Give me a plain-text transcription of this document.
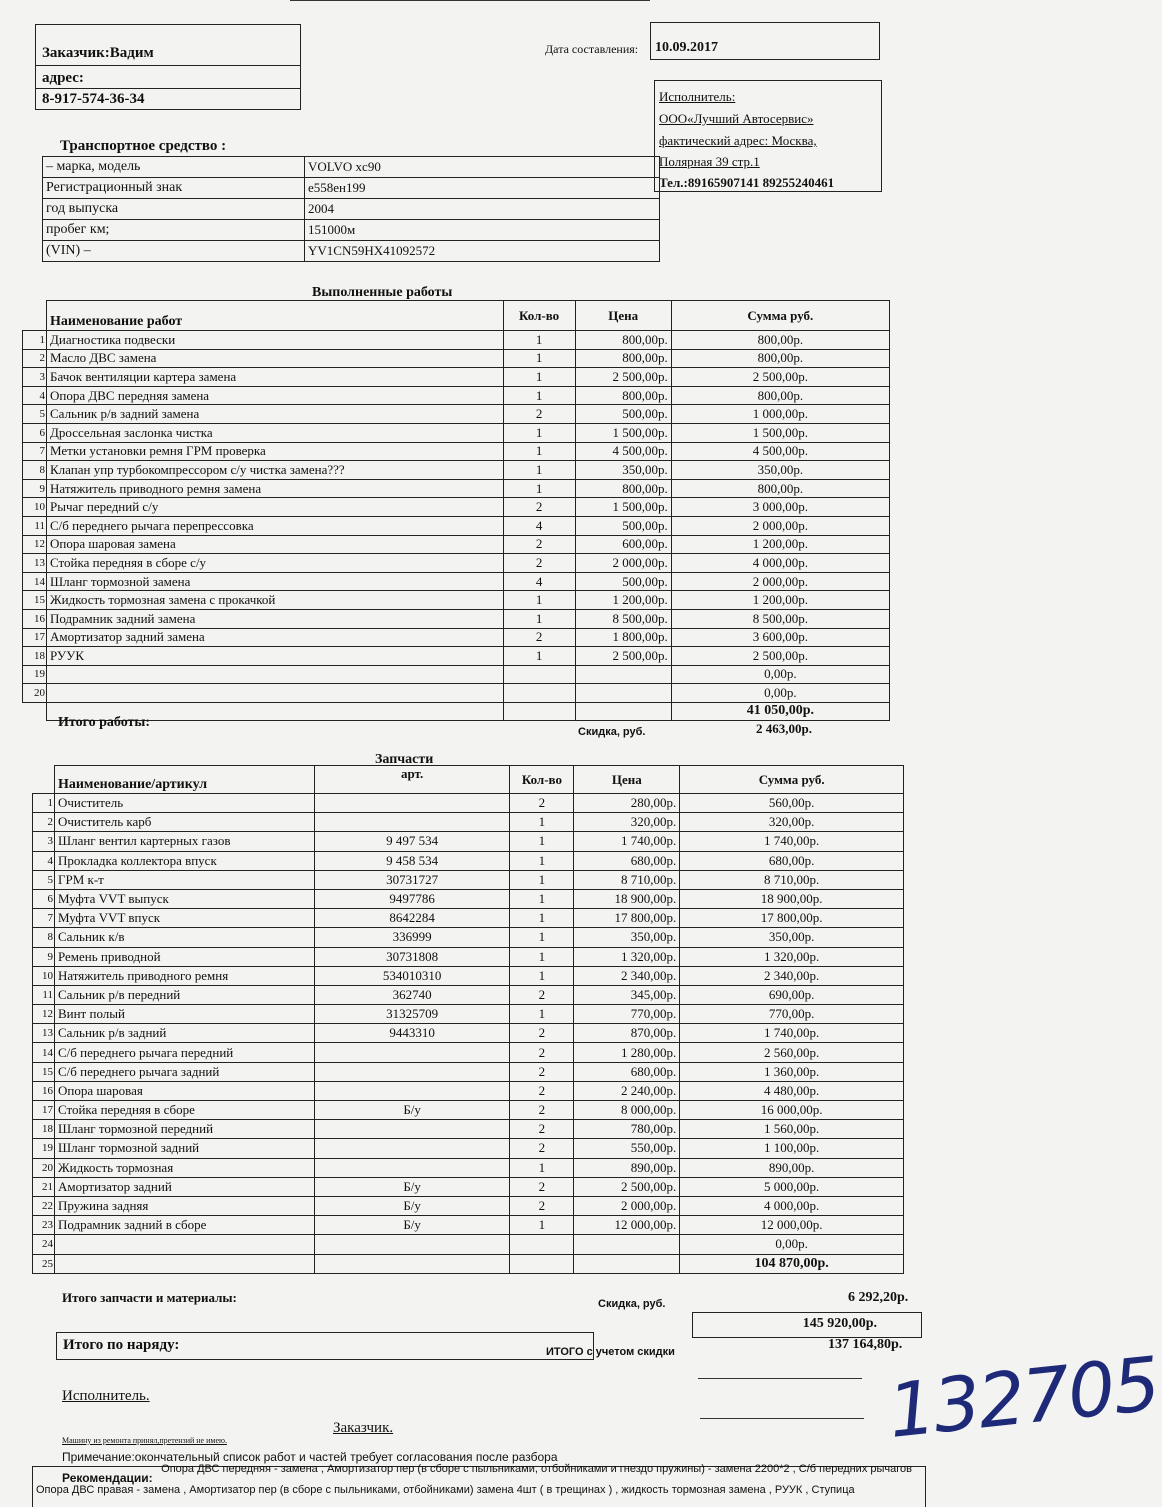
Заказчик:Вадим
адрес:
8-917-574-36-34
Дата составления: 10.09.2017
Исполнитель:
ООО«Лучший Автосервис»
фактический адрес: Москва,
Полярная 39 стр.1
Тел.:89165907141 89255240461
Транспортное средство :
– марка, модель	VOLVO xc90
Регистрационный знак	е558ен199
год выпуска	2004
пробег км;	151000м
(VIN) –	YV1CN59HX41092572
Выполненные работы
	Наименование работ	Кол-во	Цена	Сумма руб.
1	Диагностика подвески	1	800,00р.	800,00р.
2	Масло ДВС замена	1	800,00р.	800,00р.
3	Бачок вентиляции картера замена	1	2 500,00р.	2 500,00р.
4	Опора ДВС передняя замена	1	800,00р.	800,00р.
5	Сальник р/в задний замена	2	500,00р.	1 000,00р.
6	Дроссельная заслонка чистка	1	1 500,00р.	1 500,00р.
7	Метки установки ремня ГРМ проверка	1	4 500,00р.	4 500,00р.
8	Клапан упр турбокомпрессором с/у чистка замена???	1	350,00р.	350,00р.
9	Натяжитель приводного ремня замена	1	800,00р.	800,00р.
10	Рычаг передний с/у	2	1 500,00р.	3 000,00р.
11	С/б переднего рычага перепрессовка	4	500,00р.	2 000,00р.
12	Опора шаровая замена	2	600,00р.	1 200,00р.
13	Стойка передняя в сборе с/у	2	2 000,00р.	4 000,00р.
14	Шланг тормозной замена	4	500,00р.	2 000,00р.
15	Жидкость тормозная замена с прокачкой	1	1 200,00р.	1 200,00р.
16	Подрамник задний замена	1	8 500,00р.	8 500,00р.
17	Амортизатор задний замена	2	1 800,00р.	3 600,00р.
18	РУУК	1	2 500,00р.	2 500,00р.
19				0,00р.
20				0,00р.
				41 050,00р.
Итого работы:
Скидка, руб.	2 463,00р.
Запчасти
	Наименование/артикул	арт.	Кол-во	Цена	Сумма руб.
1	Очиститель		2	280,00р.	560,00р.
2	Очиститель карб		1	320,00р.	320,00р.
3	Шланг вентил картерных газов	9 497 534	1	1 740,00р.	1 740,00р.
4	Прокладка коллектора впуск	9 458 534	1	680,00р.	680,00р.
5	ГРМ к-т	30731727	1	8 710,00р.	8 710,00р.
6	Муфта VVT выпуск	9497786	1	18 900,00р.	18 900,00р.
7	Муфта VVT впуск	8642284	1	17 800,00р.	17 800,00р.
8	Сальник к/в	336999	1	350,00р.	350,00р.
9	Ремень приводной	30731808	1	1 320,00р.	1 320,00р.
10	Натяжитель приводного ремня	534010310	1	2 340,00р.	2 340,00р.
11	Сальник р/в передний	362740	2	345,00р.	690,00р.
12	Винт полый	31325709	1	770,00р.	770,00р.
13	Сальник р/в задний	9443310	2	870,00р.	1 740,00р.
14	С/б переднего рычага передний		2	1 280,00р.	2 560,00р.
15	С/б переднего рычага задний		2	680,00р.	1 360,00р.
16	Опора шаровая		2	2 240,00р.	4 480,00р.
17	Стойка передняя в сборе	Б/у	2	8 000,00р.	16 000,00р.
18	Шланг тормозной передний		2	780,00р.	1 560,00р.
19	Шланг тормозной задний		2	550,00р.	1 100,00р.
20	Жидкость тормозная		1	890,00р.	890,00р.
21	Амортизатор задний	Б/у	2	2 500,00р.	5 000,00р.
22	Пружина задняя	Б/у	2	2 000,00р.	4 000,00р.
23	Подрамник задний в сборе	Б/у	1	12 000,00р.	12 000,00р.
24					0,00р.
25					104 870,00р.
Итого запчасти и материалы:	Скидка, руб.	6 292,20р.
Итого по наряду:
145 920,00р.
ИТОГО с учетом скидки	137 164,80р.
Исполнитель.
Заказчик.
Машину из ремонта принял,претензий не имею.	132705
Примечание:окончательный список работ и частей требует согласования после разбора
Рекомендации:
Опора ДВС передняя - замена , Амортизатор пер (в сборе с пыльниками, отбойниками и гнездо пружины) - замена 2200*2 , С/б передних рычагов
Опора ДВС правая - замена , Амортизатор пер (в сборе с пыльниками, отбойниками) замена 4шт ( в трещинах ) , жидкость тормозная замена , РУУК , Ступица
